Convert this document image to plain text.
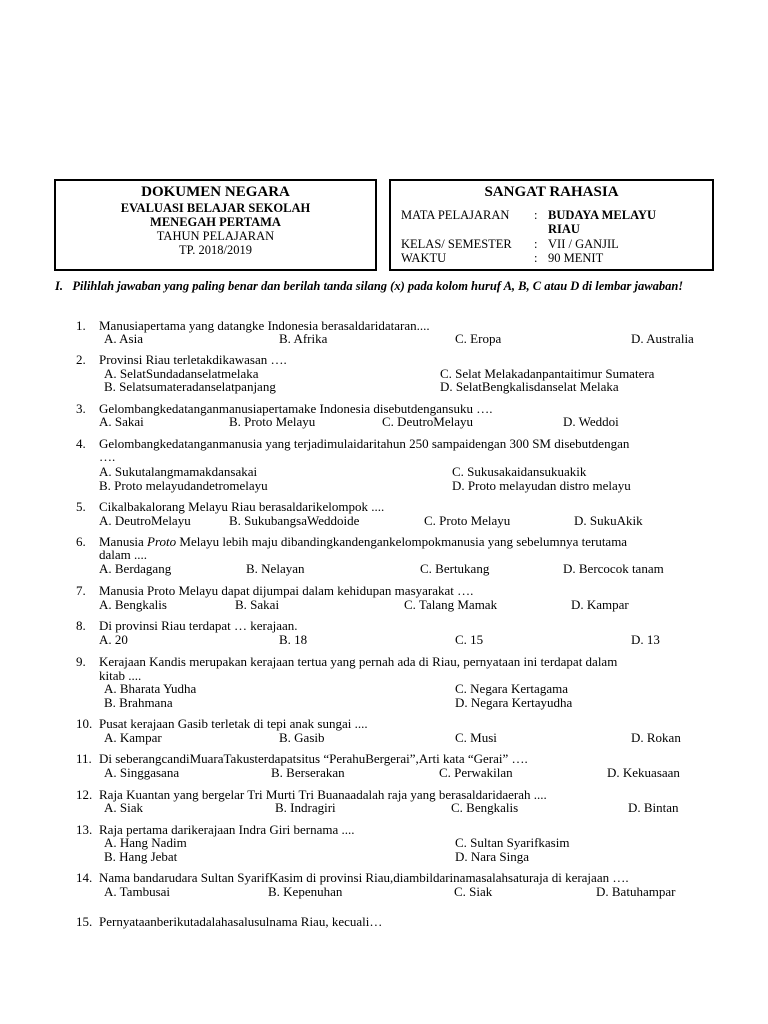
DOKUMEN NEGARA
EVALUASI BELAJAR SEKOLAH
MENEGAH PERTAMA
TAHUN PELAJARAN
TP. 2018/2019
SANGAT RAHASIA
MATA PELAJARAN : BUDAYA MELAYU
RIAU
KELAS/ SEMESTER : VII / GANJIL
WAKTU	: 90 MENIT
I. Pilihlah jawaban yang paling benar dan berilah tanda silang (x) pada kolom huruf A, B, C atau D di lembar jawaban!
1. Manusiapertama yang datangke Indonesia berasaldaridataran....
A. Asia	B. Afrika	C. Eropa	D. Australia
2. Provinsi Riau terletakdikawasan ….
A. SelatSundadanselatmelaka	C. Selat Melakadanpantaitimur Sumatera
B. Selatsumateradanselatpanjang	D. SelatBengkalisdanselat Melaka
3. Gelombangkedatanganmanusiapertamake Indonesia disebutdengansuku ….
A. Sakai	B. Proto Melayu	C. DeutroMelayu	D. Weddoi
4. Gelombangkedatanganmanusia yang terjadimulaidaritahun 250 sampaidengan 300 SM disebutdengan
….
A. Sukutalangmamakdansakai	C. Sukusakaidansukuakik
B. Proto melayudandetromelayu	D. Proto melayudan distro melayu
5. Cikalbakalorang Melayu Riau berasaldarikelompok ....
A. DeutroMelayu	B. SukubangsaWeddoide	C. Proto Melayu	D. SukuAkik
6. Manusia Proto Melayu lebih maju dibandingkandengankelompokmanusia yang sebelumnya terutama
dalam ....
A. Berdagang	B. Nelayan	C. Bertukang	D. Bercocok tanam
7. Manusia Proto Melayu dapat dijumpai dalam kehidupan masyarakat ….
A. Bengkalis	B. Sakai	C. Talang Mamak	D. Kampar
8. Di provinsi Riau terdapat … kerajaan.
A. 20	B. 18	C. 15	D. 13
9. Kerajaan Kandis merupakan kerajaan tertua yang pernah ada di Riau, pernyataan ini terdapat dalam
kitab ....
A. Bharata Yudha	C. Negara Kertagama
B. Brahmana	D. Negara Kertayudha
10. Pusat kerajaan Gasib terletak di tepi anak sungai ....
A. Kampar	B. Gasib	C. Musi	D. Rokan
11. Di seberangcandiMuaraTakusterdapatsitus “PerahuBergerai”,Arti kata “Gerai” ….
A. Singgasana	B. Berserakan	C. Perwakilan	D. Kekuasaan
12. Raja Kuantan yang bergelar Tri Murti Tri Buanaadalah raja yang berasaldaridaerah ....
A. Siak	B. Indragiri	C. Bengkalis	D. Bintan
13. Raja pertama darikerajaan Indra Giri bernama ....
A. Hang Nadim	C. Sultan Syarifkasim
B. Hang Jebat	D. Nara Singa
14. Nama bandarudara Sultan SyarifKasim di provinsi Riau,diambildarinamasalahsaturaja di kerajaan ….
A. Tambusai	B. Kepenuhan	C. Siak	D. Batuhampar
15. Pernyataanberikutadalahasalusulnama Riau, kecuali…
